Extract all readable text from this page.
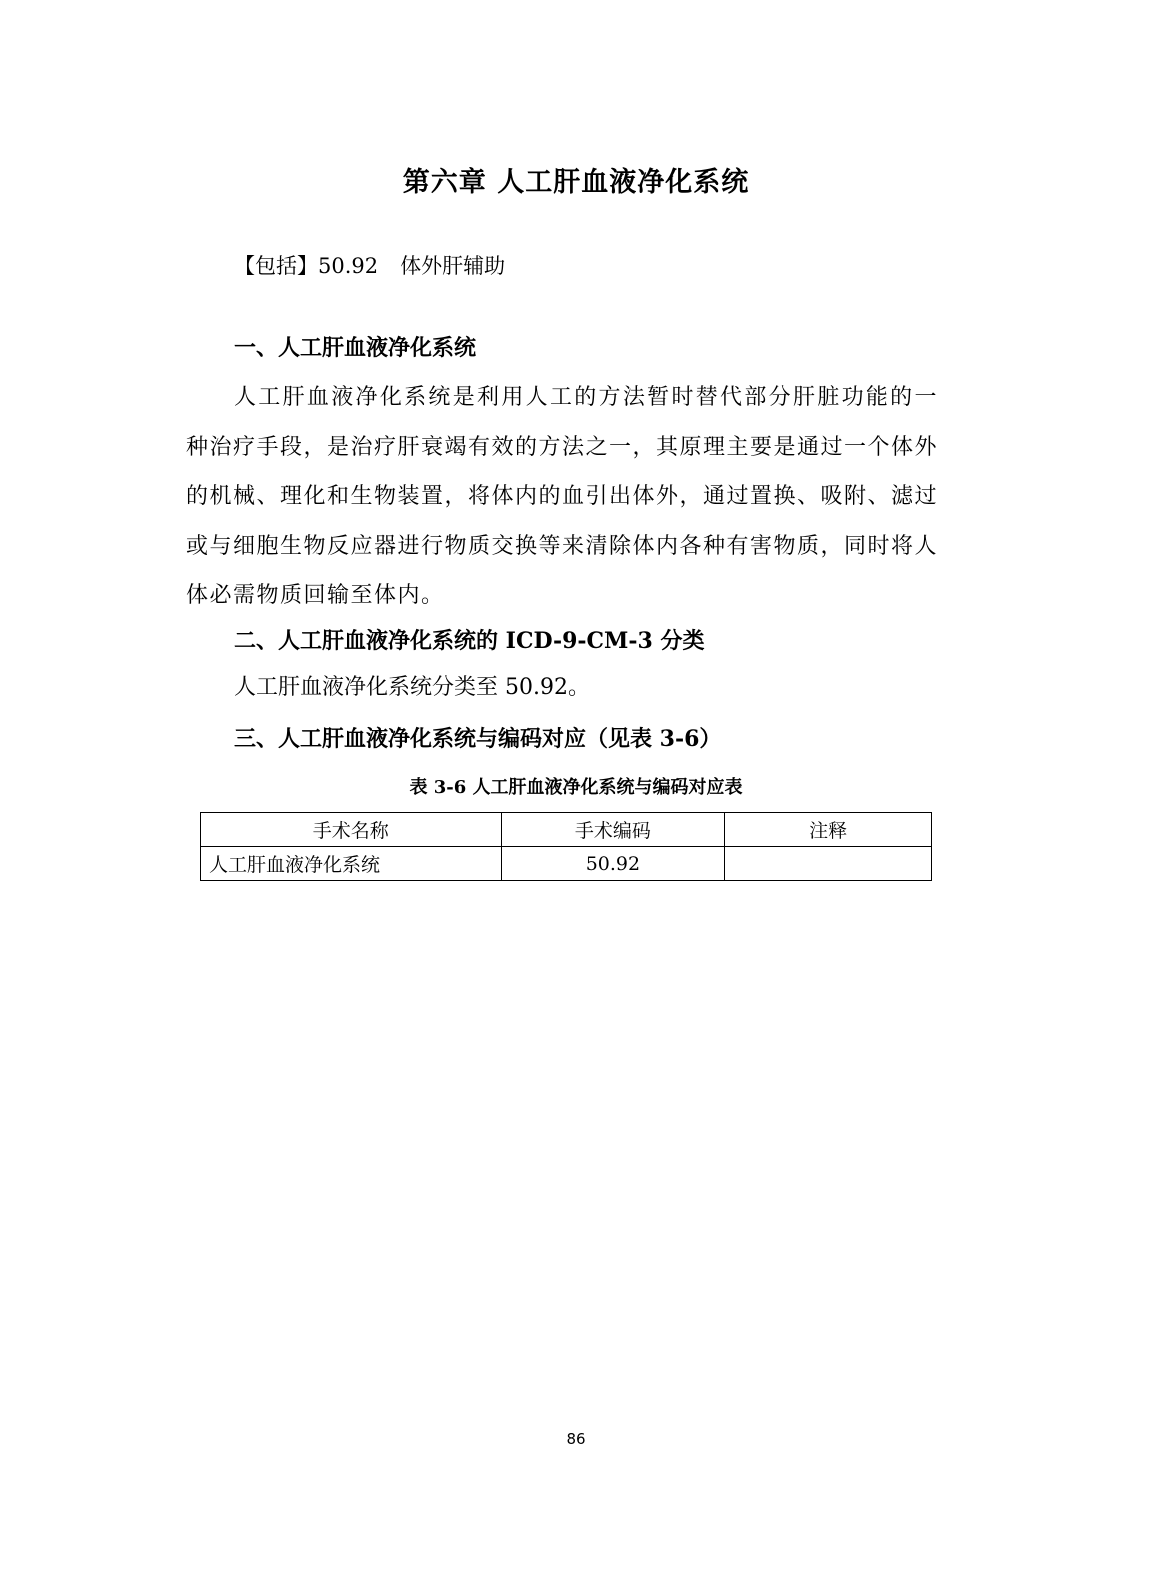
第六章 人工肝血液净化系统
【包括】50.92 体外肝辅助
一、人工肝血液净化系统

人工肝血液净化系统是利用人工的方法暂时替代部分肝脏功能的一种治疗手段，是治疗肝衰竭有效的方法之一，其原理主要是通过一个体外的机械、理化和生物装置，将体内的血引出体外，通过置换、吸附、滤过或与细胞生物反应器进行物质交换等来清除体内各种有害物质，同时将人体必需物质回输至体内。

二、人工肝血液净化系统的 ICD-9-CM-3 分类
人工肝血液净化系统分类至 50.92。
三、人工肝血液净化系统与编码对应（见表 3-6）
表 3-6 人工肝血液净化系统与编码对应表
手术名称	手术编码	注释
人工肝血液净化系统	50.92	
86
